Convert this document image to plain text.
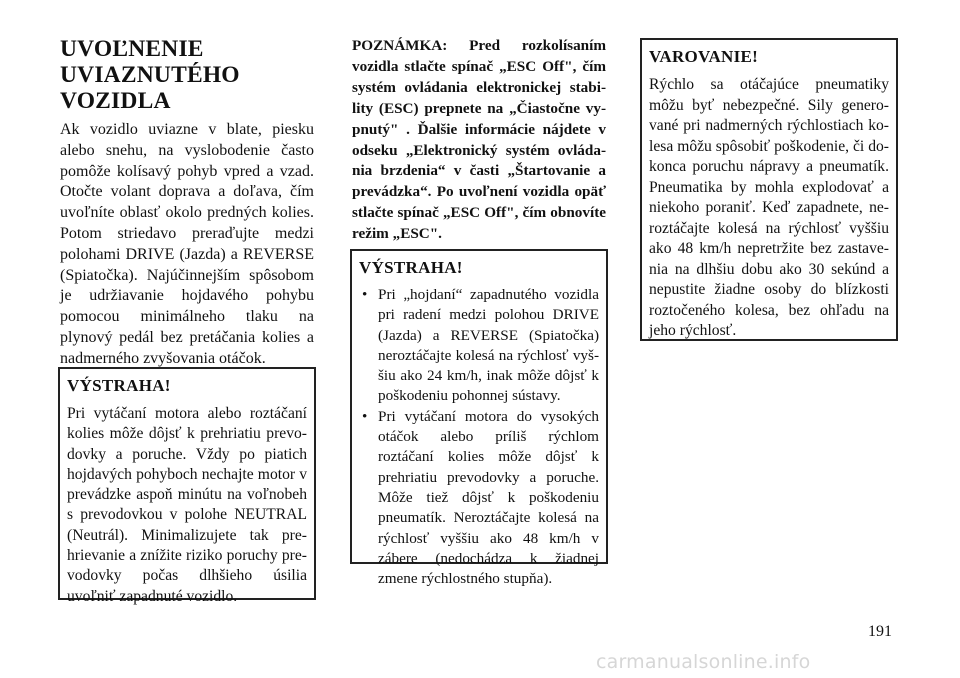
UVOĽNENIE
UVIAZNUTÉHO
VOZIDLA

Ak vozidlo uviazne v blate, piesku alebo snehu, na vyslobodenie často pomôže kolísavý pohyb vpred a vzad. Otočte volant doprava a doľava, čím uvoľníte oblasť okolo predných kolies. Potom striedavo preraďujte medzi polohami DRIVE (Jazda) a REVERSE (Spiatočka). Najúčinnejším spôsobom je udržiavanie hojdavého pohybu pomocou minimálneho tlaku na plynový pedál bez pretáčania kolies a nadmerného zvyšovania otáčok.

VÝSTRAHA!

Pri vytáčaní motora alebo roztáčaní kolies môže dôjsť k prehriatiu prevodovky a poruche. Vždy po piatich hojdavých pohyboch nechajte motor v prevádzke aspoň minútu na voľnobeh s prevodovkou v polohe NEUTRAL (Neutrál). Minimalizujete tak prehrievanie a znížite riziko poruchy prevodovky počas dlhšieho úsilia uvoľniť zapadnuté vozidlo.

POZNÁMKA: Pred rozkolísaním vozidla stlačte spínač „ESC Off", čím systém ovládania elektronickej stability (ESC) prepnete na „Čiastočne vypnutý" . Ďalšie informácie nájdete v odseku „Elektronický systém ovládania brzdenia“ v časti „Štartovanie a prevádzka“. Po uvoľnení vozidla opäť stlačte spínač „ESC Off", čím obnovíte režim „ESC".

VÝSTRAHA!

• Pri „hojdaní“ zapadnutého vozidla pri radení medzi polohou DRIVE (Jazda) a REVERSE (Spiatočka) neroztáčajte kolesá na rýchlosť vyššiu ako 24 km/h, inak môže dôjsť k poškodeniu pohonnej sústavy.
• Pri vytáčaní motora do vysokých otáčok alebo príliš rýchlom roztáčaní kolies môže dôjsť k prehriatiu prevodovky a poruche. Môže tiež dôjsť k poškodeniu pneumatík. Neroztáčajte kolesá na rýchlosť vyššiu ako 48 km/h v zábere (nedochádza k žiadnej zmene rýchlostného stupňa).

VAROVANIE!

Rýchlo sa otáčajúce pneumatiky môžu byť nebezpečné. Sily generované pri nadmerných rýchlostiach kolesa môžu spôsobiť poškodenie, či dokonca poruchu nápravy a pneumatík. Pneumatika by mohla explodovať a niekoho poraniť. Keď zapadnete, neroztáčajte kolesá na rýchlosť vyššiu ako 48 km/h nepretržite bez zastavenia na dlhšiu dobu ako 30 sekúnd a nepustite žiadne osoby do blízkosti roztočeného kolesa, bez ohľadu na jeho rýchlosť.

191
carmanualsonline.info
